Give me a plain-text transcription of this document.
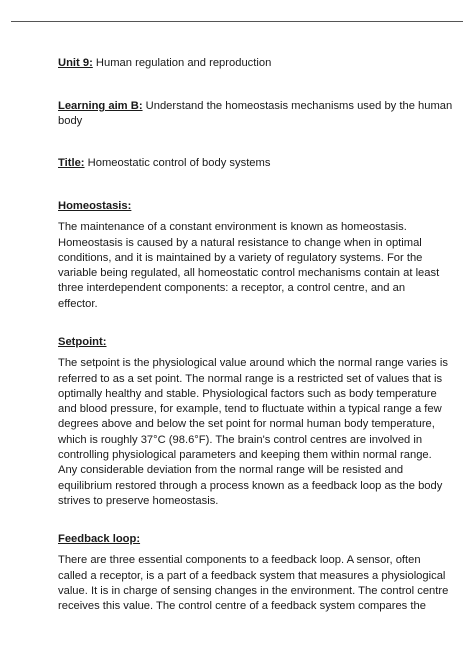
Unit 9: Human regulation and reproduction

Learning aim B: Understand the homeostasis mechanisms used by the human

body

Title: Homeostatic control of body systems

Homeostasis:

The maintenance of a constant environment is known as homeostasis.

Homeostasis is caused by a natural resistance to change when in optimal

conditions, and it is maintained by a variety of regulatory systems. For the

variable being regulated, all homeostatic control mechanisms contain at least

three interdependent components: a receptor, a control centre, and an

effector.

Setpoint:

The setpoint is the physiological value around which the normal range varies is

referred to as a set point. The normal range is a restricted set of values that is

optimally healthy and stable. Physiological factors such as body temperature

and blood pressure, for example, tend to fluctuate within a typical range a few

degrees above and below the set point for normal human body temperature,

which is roughly 37°C (98.6°F). The brain's control centres are involved in

controlling physiological parameters and keeping them within normal range.

Any considerable deviation from the normal range will be resisted and

equilibrium restored through a process known as a feedback loop as the body

strives to preserve homeostasis.

Feedback loop:

There are three essential components to a feedback loop. A sensor, often

called a receptor, is a part of a feedback system that measures a physiological

value. It is in charge of sensing changes in the environment. The control centre

receives this value. The control centre of a feedback system compares the
